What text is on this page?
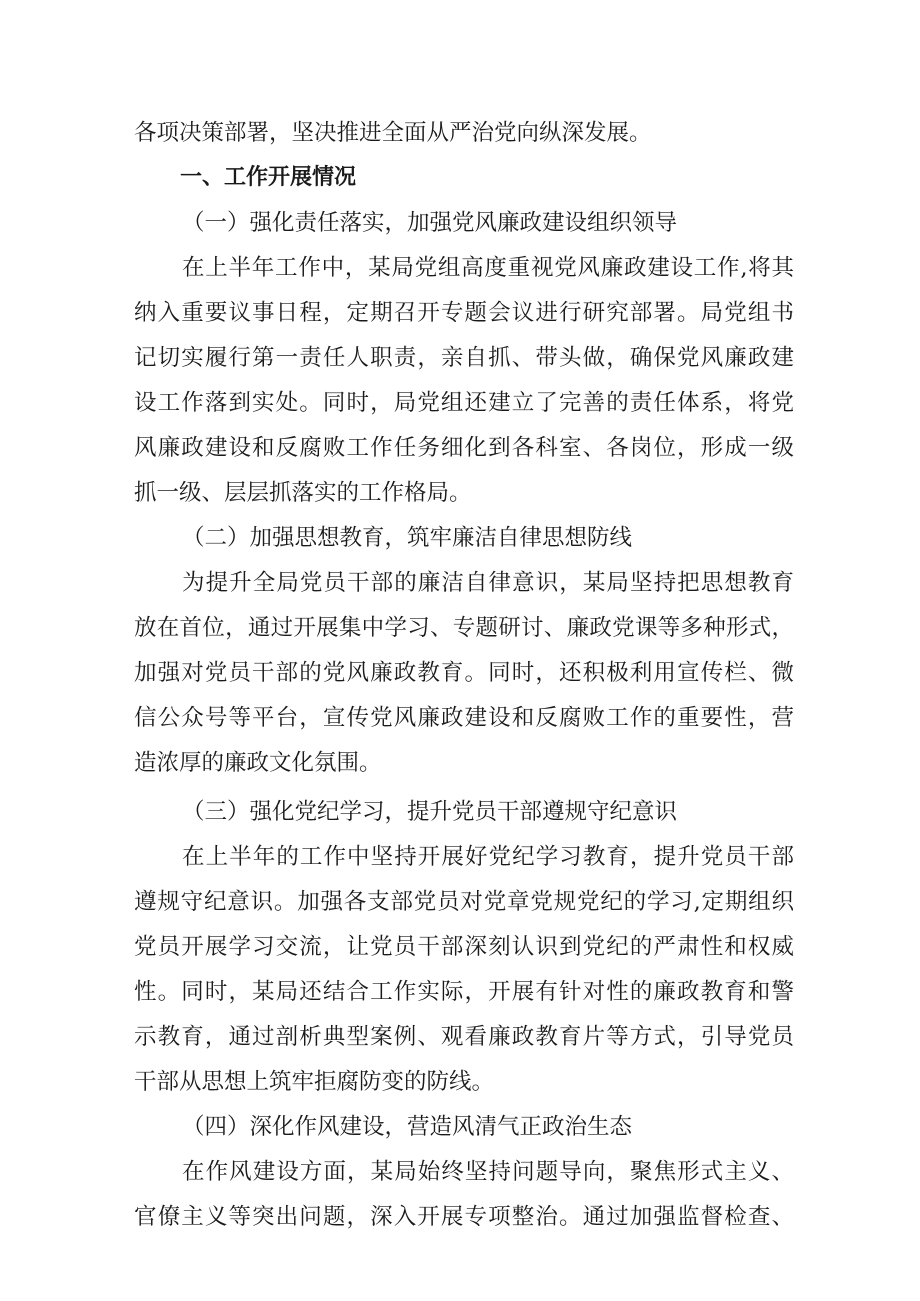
各项决策部署，坚决推进全面从严治党向纵深发展。
一、工作开展情况
（一）强化责任落实，加强党风廉政建设组织领导
在上半年工作中，某局党组高度重视党风廉政建设工作,将其
纳入重要议事日程，定期召开专题会议进行研究部署。局党组书
记切实履行第一责任人职责，亲自抓、带头做，确保党风廉政建
设工作落到实处。同时，局党组还建立了完善的责任体系，将党
风廉政建设和反腐败工作任务细化到各科室、各岗位，形成一级
抓一级、层层抓落实的工作格局。
（二）加强思想教育，筑牢廉洁自律思想防线
为提升全局党员干部的廉洁自律意识，某局坚持把思想教育
放在首位，通过开展集中学习、专题研讨、廉政党课等多种形式，
加强对党员干部的党风廉政教育。同时，还积极利用宣传栏、微
信公众号等平台，宣传党风廉政建设和反腐败工作的重要性，营
造浓厚的廉政文化氛围。
（三）强化党纪学习，提升党员干部遵规守纪意识
在上半年的工作中坚持开展好党纪学习教育，提升党员干部
遵规守纪意识。加强各支部党员对党章党规党纪的学习,定期组织
党员开展学习交流，让党员干部深刻认识到党纪的严肃性和权威
性。同时，某局还结合工作实际，开展有针对性的廉政教育和警
示教育，通过剖析典型案例、观看廉政教育片等方式，引导党员
干部从思想上筑牢拒腐防变的防线。
（四）深化作风建设，营造风清气正政治生态
在作风建设方面，某局始终坚持问题导向，聚焦形式主义、
官僚主义等突出问题，深入开展专项整治。通过加强监督检查、
